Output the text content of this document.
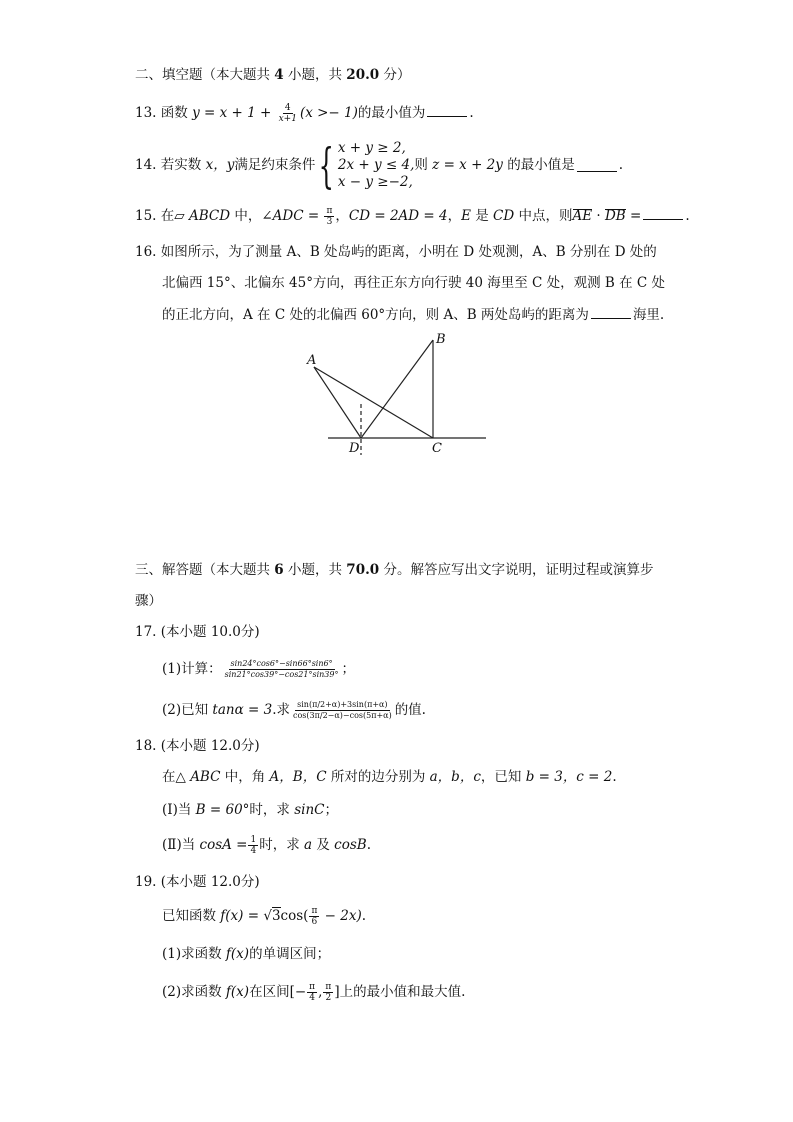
二、填空题（本大题共 4 小题，共 20.0 分）
13. 函数 $y = x + 1 + \frac{4}{x+1} (x >- 1)$的最小值为	.
14. 若实数 x，y满足约束条件{ x + y ≥ 2,
2x + y ≤ 4,
x − y ≥−2,则 z = x + 2y 的最小值是	.
15. 在▱ ABCD 中，∠ADC = $\frac{\pi}{3}$ ，CD = 2AD = 4，E 是 CD 中点，则AE · DB =	.
16. 如图所示，为了测量 A、B 处岛屿的距离，小明在 D 处观测，A、B 分别在 D 处的
北偏西 15°、北偏东 45°方向，再往正东方向行驶 40 海里至 C 处，观测 B 在 C 处
的正北方向，A 在 C 处的北偏西 60°方向，则 A、B 两处岛屿的距离为	海里.
A
B
C
D
三、解答题（本大题共 6 小题，共 70.0 分。解答应写出文字说明，证明过程或演算步
骤）
17. (本小题 10.0分)
(1)计算： $\frac{\sin 24^\circ\cos 6^\circ-\sin 66^\circ\sin 6^\circ}{\sin 21^\circ\cos 39^\circ-\cos 21^\circ\sin 39^\circ}$ ；
(2)已知 tanα = 3.求 $\frac{\sin(\pi/2+\alpha)+3\sin(\pi+\alpha)}{\cos(3\pi/2-\alpha)-\cos(5\pi+\alpha)}$ 的值.
18. (本小题 12.0分)
在△ ABC 中，角 A，B，C 所对的边分别为 a，b，c，已知 b = 3，c = 2.
(Ⅰ)当 B = 60°时，求 sinC；
(Ⅱ)当 $\cos A = \frac{1}{4}$ 时，求 a 及 cosB.
19. (本小题 12.0分)
已知函数 $f(x) = √3\cos( \frac{\pi}{6} - 2x)$.
(1)求函数 f(x)的单调区间；
(2)求函数 f(x)在区间[− $\frac{\pi}{4}$ , $\frac{\pi}{2}$ ]上的最小值和最大值.
